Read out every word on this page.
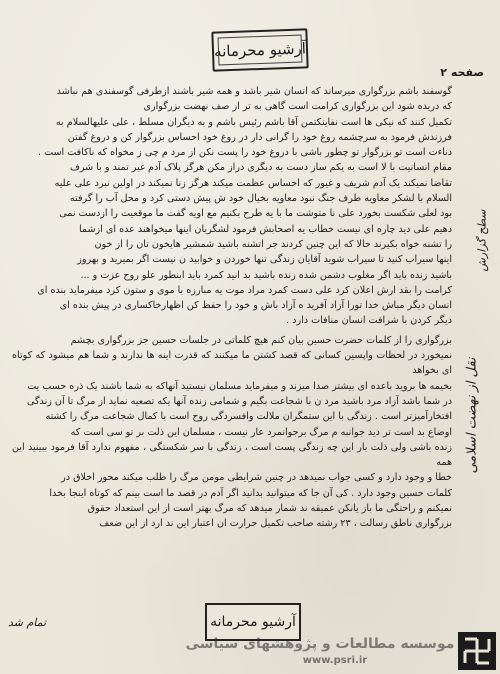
آرشیو محرمانه
صفحه ۲

گوسفند باشم بزرگواری میرساند که انسان شیر باشد و همه شیر باشند ازطرفی گوسفندی هم نباشد

که دریده شود این بزرگواری کرامت است گاهی به تر از صف نهضت بزرگواری

تکمیل کنند که نیکی ها است نفاینکتمن آقا باشم رئیس باشم و به دیگران مسلط ، علی علیهالسلام به

فرزندش فرمود به سرچشمه روغ خود را گرانی دار در روغ خود احساس بزرگوار کن و دروغ گفتن

دناءت است تو بزرگوار تو چطور باشی با دروغ خود را پست نکن از مرد م چی ز مخواه که ناکافت است .

مقام انسانیت با لا است به یکم ساز دست به دیگری دراز مکن هرگز پلاک آدم غیر تمند و با شرف

تقاضا نمیکند یک آدم شریف و غیور که احساس عظمت میکند هرگز زنا نمیکند در اولین نبرد علی علیه

السلام با لشکر معاویه طرف جنگ نبود معاویه بخیال خود ش پیش دستی کرد و محل آب را گرفته

بود لعلی شکست بخورد علی نا متوشت ما با یه طرح بکنیم مع اویه گفت ما موقعیت را ازدست نمی

دهیم علی دید چاره ای نیست خطاب یه اصحابش فرمود لشگریان اینها میخواهند عده ای ازشما

را تشنه خواه بکیرند حالا که این چنین کردند جر اتشنه باشید شمشیر هایخون تان را از خون

اینها سیراب کنید تا سیراب شوید آقایان زندگی تنها خوردن و خوابید ن نیست اگر بمیرید و بهروز

باشید زنده باید اگر مغلوب دشمن شده زنده باشید بد انید کمرد باید ابنطور علو روح عزت و ...

کرامت را بقد ارش اعلان کرد علی دست کمرد مراد موت یه مبارزه با موی و ستون کرد میفرماید بنده ای

انسان دیگر مباش خدا تورا آزاد آفرید ه آزاد باش و خود را حفظ کن اظهارخاکساری در پیش بنده ای

دیگر کردن با شرافت انسان منافات دارد .

بزرگواری را از کلمات حضرت حسین بیان کنم هیچ کلماتی در جلسات حسین جز بزرگواری بچشم

نمیخورد در لحظات واپسین کسانی که قصد کشتن ما میکنند که قدرت اینه ها ندارند و شما هم میشود که کوتاه ای بخواهد

بخیمه ها بروید باعده ای بیشتر صدا میزند و میفرماید مسلمان نیستید آنهاکه به شما باشند یک ذره حسب یت

در شما باشد آزاد مرد باشید مرد ن با شجاعت بگیم و شمامی زنده آنها یکه تصعیه نماید از مرگ تا آن زندگی

افتخارآمیزتر است . زندگی با این ستمگران ملالت وافسردگی روح است با کمال شجاعت مرگ را کشته

اوضاع بد است تر دید جوانبه م مرگ برجوانمرد عار نیست ، مسلمان این ذلت بر تو سی است که

زنده باشی ولی ذلت بار این چه زندگی پست است ، زندگی با سر شکستگی ، مفهوم ندارد آقا فرمود ببینید این همه

خطا و وجود دارد و کسی جواب نمیدهد در چنین شرایطی مومن مرگ را طلب میکند محور اخلاق در

کلمات حسین وجود دارد . کی آن جا که میتوانید بدانید اگر آدم در قصد ما است بینم که کوتاه اینجا بخدا

نمیکنم و راحتگی ما باز یانکن عمیقه ند شمار میدهد که مرگ بهتر است از این استعداد حقوق

بزرگواری ناطق رسالت ، ۲۳ رشته صاحب تکمیل حرارت ان اعتبار این ند ارد از این ضعف

سطح گزارش
نقل از نهضت اسلامی
تمام شد	آرشیو محرمانه
موسسه مطالعات و پژوهشهای سیاسی
www.psri.ir
